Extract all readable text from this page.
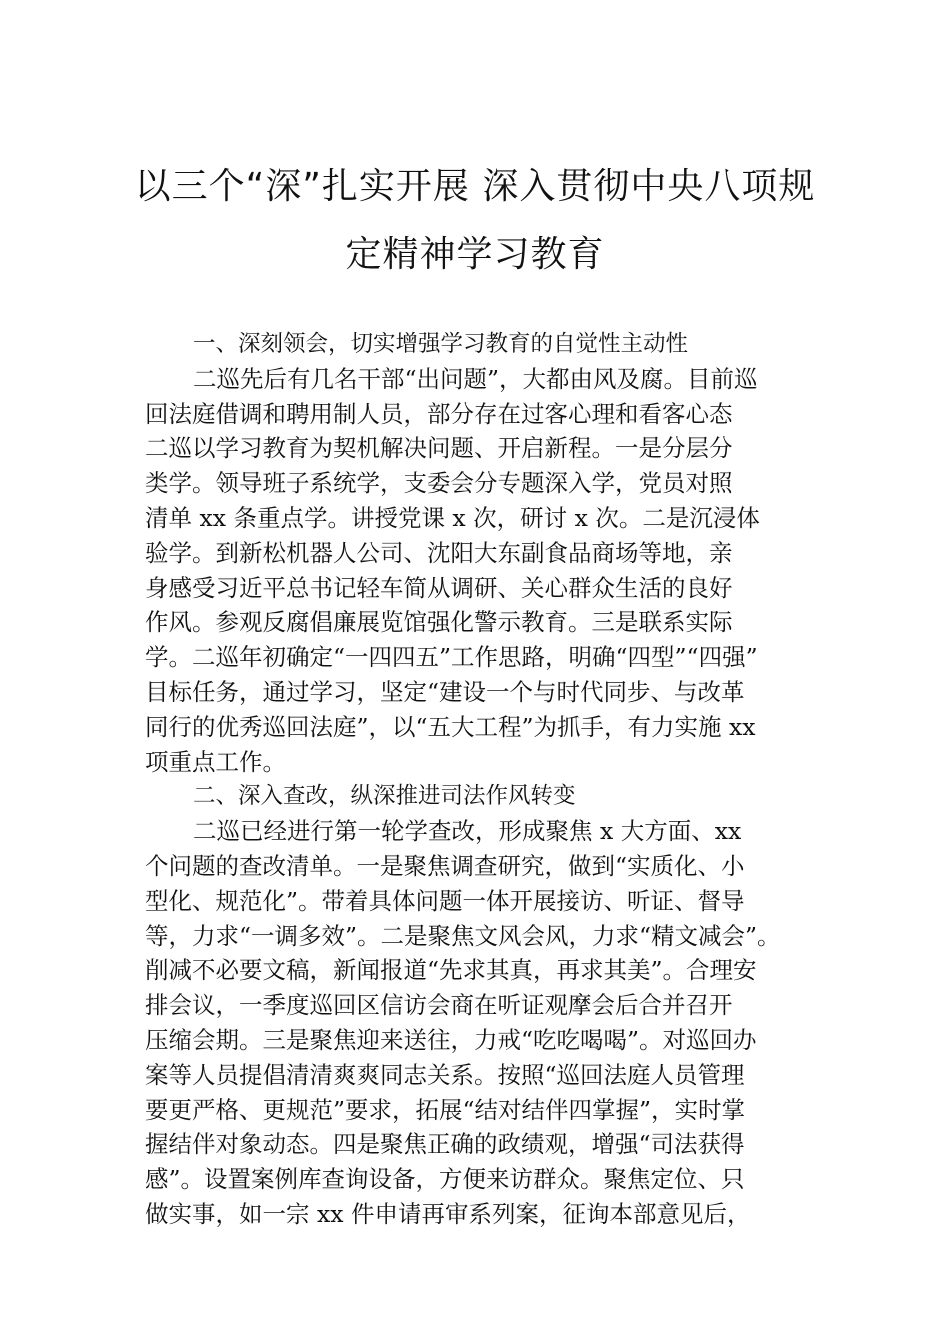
以三个“深”扎实开展 深入贯彻中央八项规
定精神学习教育
一、深刻领会，切实增强学习教育的自觉性主动性
二巡先后有几名干部“出问题”，大都由风及腐。目前巡
回法庭借调和聘用制人员，部分存在过客心理和看客心态
二巡以学习教育为契机解决问题、开启新程。一是分层分
类学。领导班子系统学，支委会分专题深入学，党员对照
清单 xx 条重点学。讲授党课 x 次，研讨 x 次。二是沉浸体
验学。到新松机器人公司、沈阳大东副食品商场等地，亲
身感受习近平总书记轻车简从调研、关心群众生活的良好
作风。参观反腐倡廉展览馆强化警示教育。三是联系实际
学。二巡年初确定“一四四五”工作思路，明确“四型”“四强”
目标任务，通过学习，坚定“建设一个与时代同步、与改革
同行的优秀巡回法庭”，以“五大工程”为抓手，有力实施 xx
项重点工作。
二、深入查改，纵深推进司法作风转变
二巡已经进行第一轮学查改，形成聚焦 x 大方面、xx
个问题的查改清单。一是聚焦调查研究，做到“实质化、小
型化、规范化”。带着具体问题一体开展接访、听证、督导
等，力求“一调多效”。二是聚焦文风会风，力求“精文减会”。
削减不必要文稿，新闻报道“先求其真，再求其美”。合理安
排会议，一季度巡回区信访会商在听证观摩会后合并召开
压缩会期。三是聚焦迎来送往，力戒“吃吃喝喝”。对巡回办
案等人员提倡清清爽爽同志关系。按照“巡回法庭人员管理
要更严格、更规范”要求，拓展“结对结伴四掌握”，实时掌
握结伴对象动态。四是聚焦正确的政绩观，增强“司法获得
感”。设置案例库查询设备，方便来访群众。聚焦定位、只
做实事，如一宗 xx 件申请再审系列案，征询本部意见后，
